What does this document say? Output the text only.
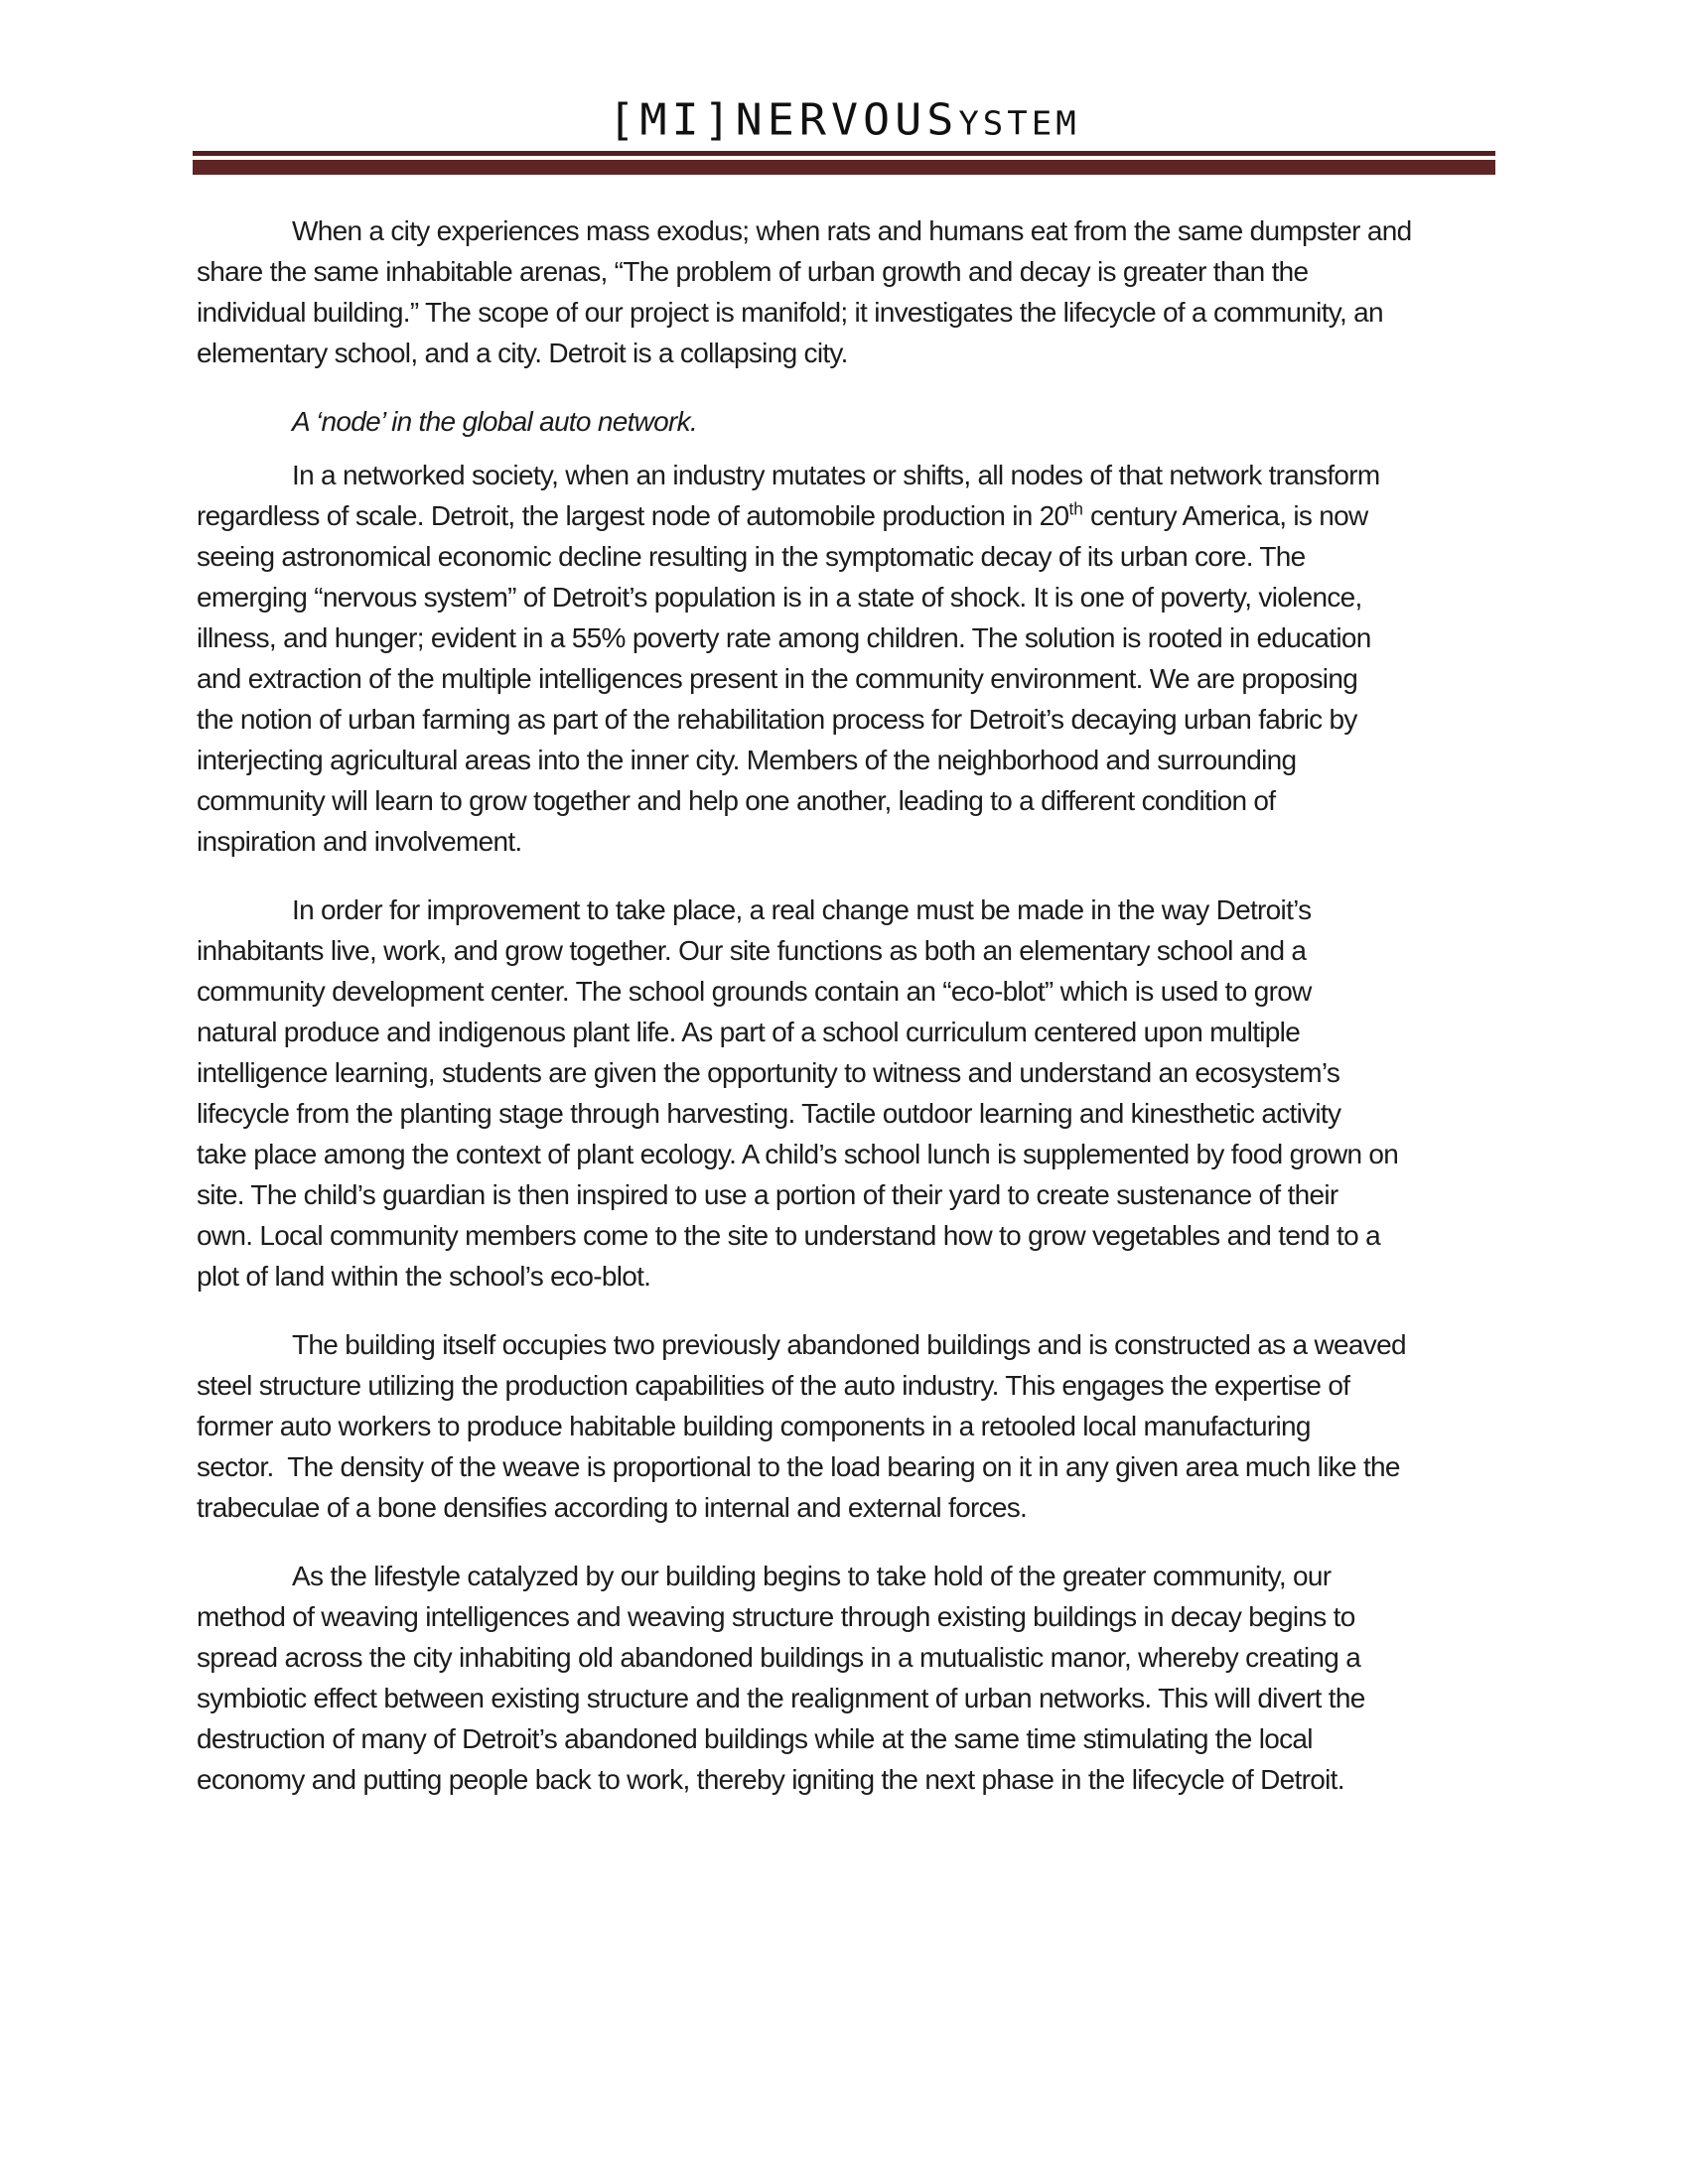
[MI]NERVOUSYSTEM
When a city experiences mass exodus; when rats and humans eat from the same dumpster and
share the same inhabitable arenas, “The problem of urban growth and decay is greater than the
individual building.” The scope of our project is manifold; it investigates the lifecycle of a community, an
elementary school, and a city. Detroit is a collapsing city.
A ‘node’ in the global auto network.
In a networked society, when an industry mutates or shifts, all nodes of that network transform
regardless of scale. Detroit, the largest node of automobile production in 20th century America, is now
seeing astronomical economic decline resulting in the symptomatic decay of its urban core. The
emerging “nervous system” of Detroit’s population is in a state of shock. It is one of poverty, violence,
illness, and hunger; evident in a 55% poverty rate among children. The solution is rooted in education
and extraction of the multiple intelligences present in the community environment. We are proposing
the notion of urban farming as part of the rehabilitation process for Detroit’s decaying urban fabric by
interjecting agricultural areas into the inner city. Members of the neighborhood and surrounding
community will learn to grow together and help one another, leading to a different condition of
inspiration and involvement.
In order for improvement to take place, a real change must be made in the way Detroit’s
inhabitants live, work, and grow together. Our site functions as both an elementary school and a
community development center. The school grounds contain an “eco-blot” which is used to grow
natural produce and indigenous plant life. As part of a school curriculum centered upon multiple
intelligence learning, students are given the opportunity to witness and understand an ecosystem’s
lifecycle from the planting stage through harvesting. Tactile outdoor learning and kinesthetic activity
take place among the context of plant ecology. A child’s school lunch is supplemented by food grown on
site. The child’s guardian is then inspired to use a portion of their yard to create sustenance of their
own. Local community members come to the site to understand how to grow vegetables and tend to a
plot of land within the school’s eco-blot.
The building itself occupies two previously abandoned buildings and is constructed as a weaved
steel structure utilizing the production capabilities of the auto industry. This engages the expertise of
former auto workers to produce habitable building components in a retooled local manufacturing
sector.  The density of the weave is proportional to the load bearing on it in any given area much like the
trabeculae of a bone densifies according to internal and external forces.
As the lifestyle catalyzed by our building begins to take hold of the greater community, our
method of weaving intelligences and weaving structure through existing buildings in decay begins to
spread across the city inhabiting old abandoned buildings in a mutualistic manor, whereby creating a
symbiotic effect between existing structure and the realignment of urban networks. This will divert the
destruction of many of Detroit’s abandoned buildings while at the same time stimulating the local
economy and putting people back to work, thereby igniting the next phase in the lifecycle of Detroit.
